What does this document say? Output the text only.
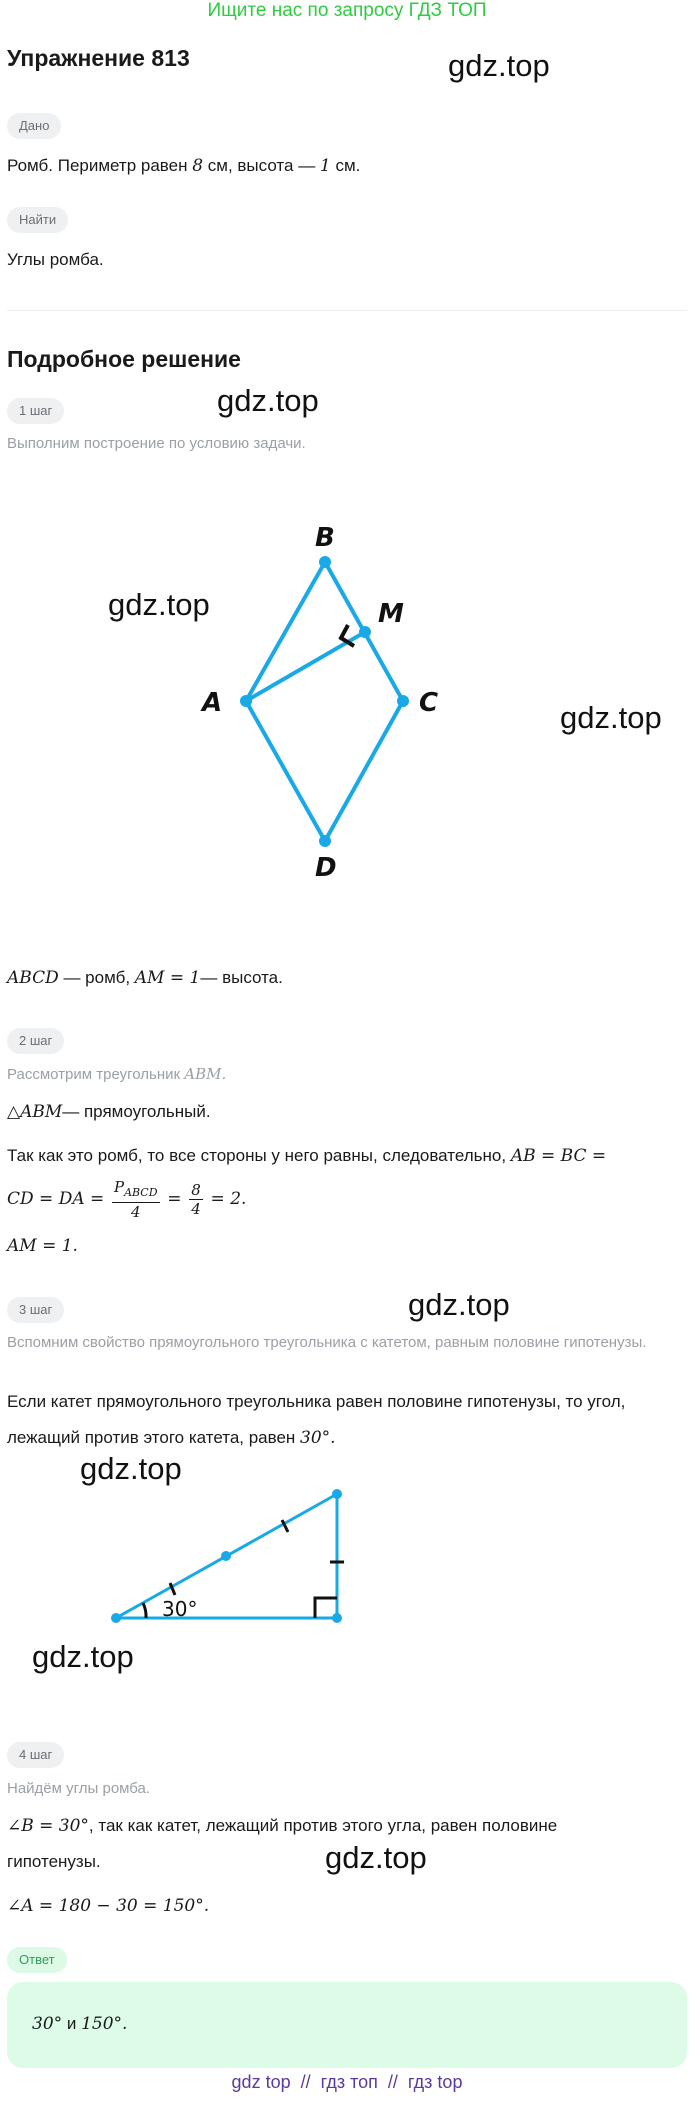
Ищите нас по запросу ГДЗ ТОП
Упражнение 813	gdz.top
Дано
Ромб. Периметр равен 8 см, высота — 1 см.
Найти
Углы ромба.
Подробное решение
1 шаг	gdz.top
Выполним построение по условию задачи.
gdz.top
gdz.top
B
M
A	C
D
ABCD — ромб, AM = 1— высота.
2 шаг
Рассмотрим треугольник ABM.
△ABM— прямоугольный.
Так как это ромб, то все стороны у него равны, следовательно, AB = BC =
CD = DA = $\frac{P_{ABCD}}{4} = \frac{8}{4} = 2$.
AM = 1.
3 шаг	gdz.top
Вспомним свойство прямоугольного треугольника с катетом, равным половине гипотенузы.
Если катет прямоугольного треугольника равен половине гипотенузы, то угол,
лежащий против этого катета, равен 30°.
gdz.top
gdz.top
30°
4 шаг
Найдём углы ромба.
∠B = 30°, так как катет, лежащий против этого угла, равен половине
гипотенузы.	gdz.top
∠A = 180 − 30 = 150°.
Ответ
30° и 150°.
gdz top  //  гдз топ  //  гдз top
